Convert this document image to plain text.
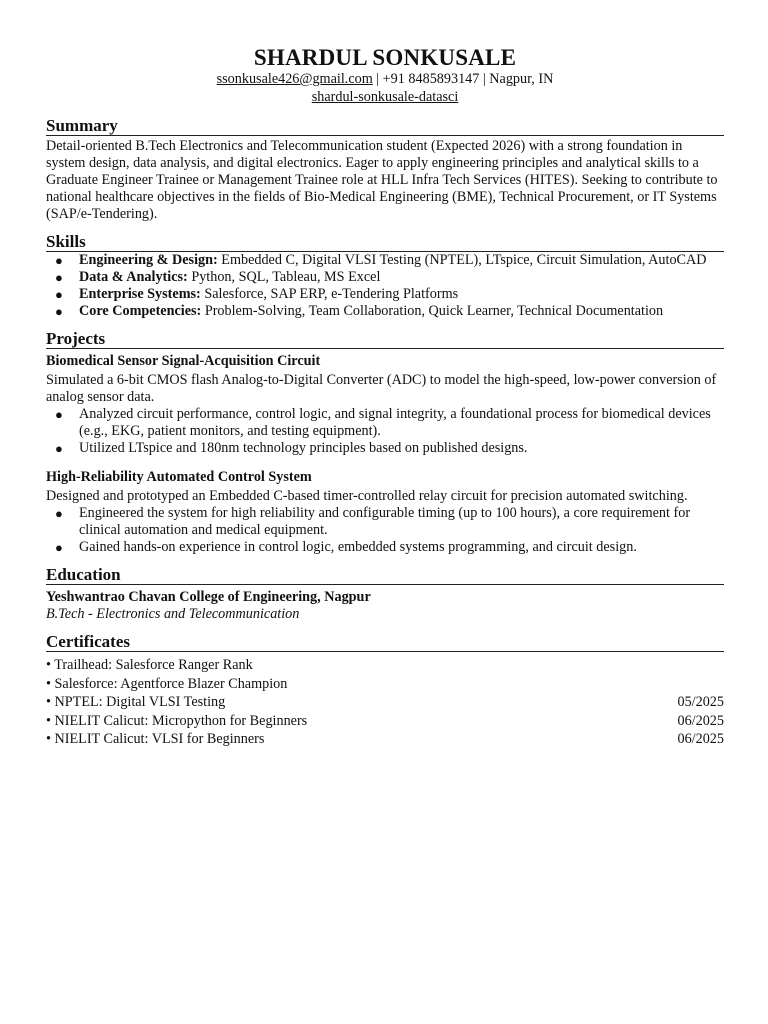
SHARDUL SONKUSALE
ssonkusale426@gmail.com | +91 8485893147 | Nagpur, IN
shardul-sonkusale-datasci
Summary

Detail-oriented B.Tech Electronics and Telecommunication student (Expected 2026) with a strong foundation in system design, data analysis, and digital electronics. Eager to apply engineering principles and analytical skills to a Graduate Engineer Trainee or Management Trainee role at HLL Infra Tech Services (HITES). Seeking to contribute to national healthcare objectives in the fields of Bio-Medical Engineering (BME), Technical Procurement, or IT Systems (SAP/e-Tendering).

Skills
● Engineering & Design: Embedded C, Digital VLSI Testing (NPTEL), LTspice, Circuit Simulation, AutoCAD
● Data & Analytics: Python, SQL, Tableau, MS Excel
● Enterprise Systems: Salesforce, SAP ERP, e-Tendering Platforms
● Core Competencies: Problem-Solving, Team Collaboration, Quick Learner, Technical Documentation
Projects
Biomedical Sensor Signal-Acquisition Circuit

Simulated a 6-bit CMOS flash Analog-to-Digital Converter (ADC) to model the high-speed, low-power conversion of analog sensor data.

● Analyzed circuit performance, control logic, and signal integrity, a foundational process for biomedical devices (e.g., EKG, patient monitors, and testing equipment).
● Utilized LTspice and 180nm technology principles based on published designs.
High-Reliability Automated Control System

Designed and prototyped an Embedded C-based timer-controlled relay circuit for precision automated switching.

● Engineered the system for high reliability and configurable timing (up to 100 hours), a core requirement for clinical automation and medical equipment.
● Gained hands-on experience in control logic, embedded systems programming, and circuit design.
Education
Yeshwantrao Chavan College of Engineering, Nagpur
B.Tech - Electronics and Telecommunication
Certificates
• Trailhead: Salesforce Ranger Rank
• Salesforce: Agentforce Blazer Champion
• NPTEL: Digital VLSI Testing	05/2025
• NIELIT Calicut: Micropython for Beginners	06/2025
• NIELIT Calicut: VLSI for Beginners	06/2025
